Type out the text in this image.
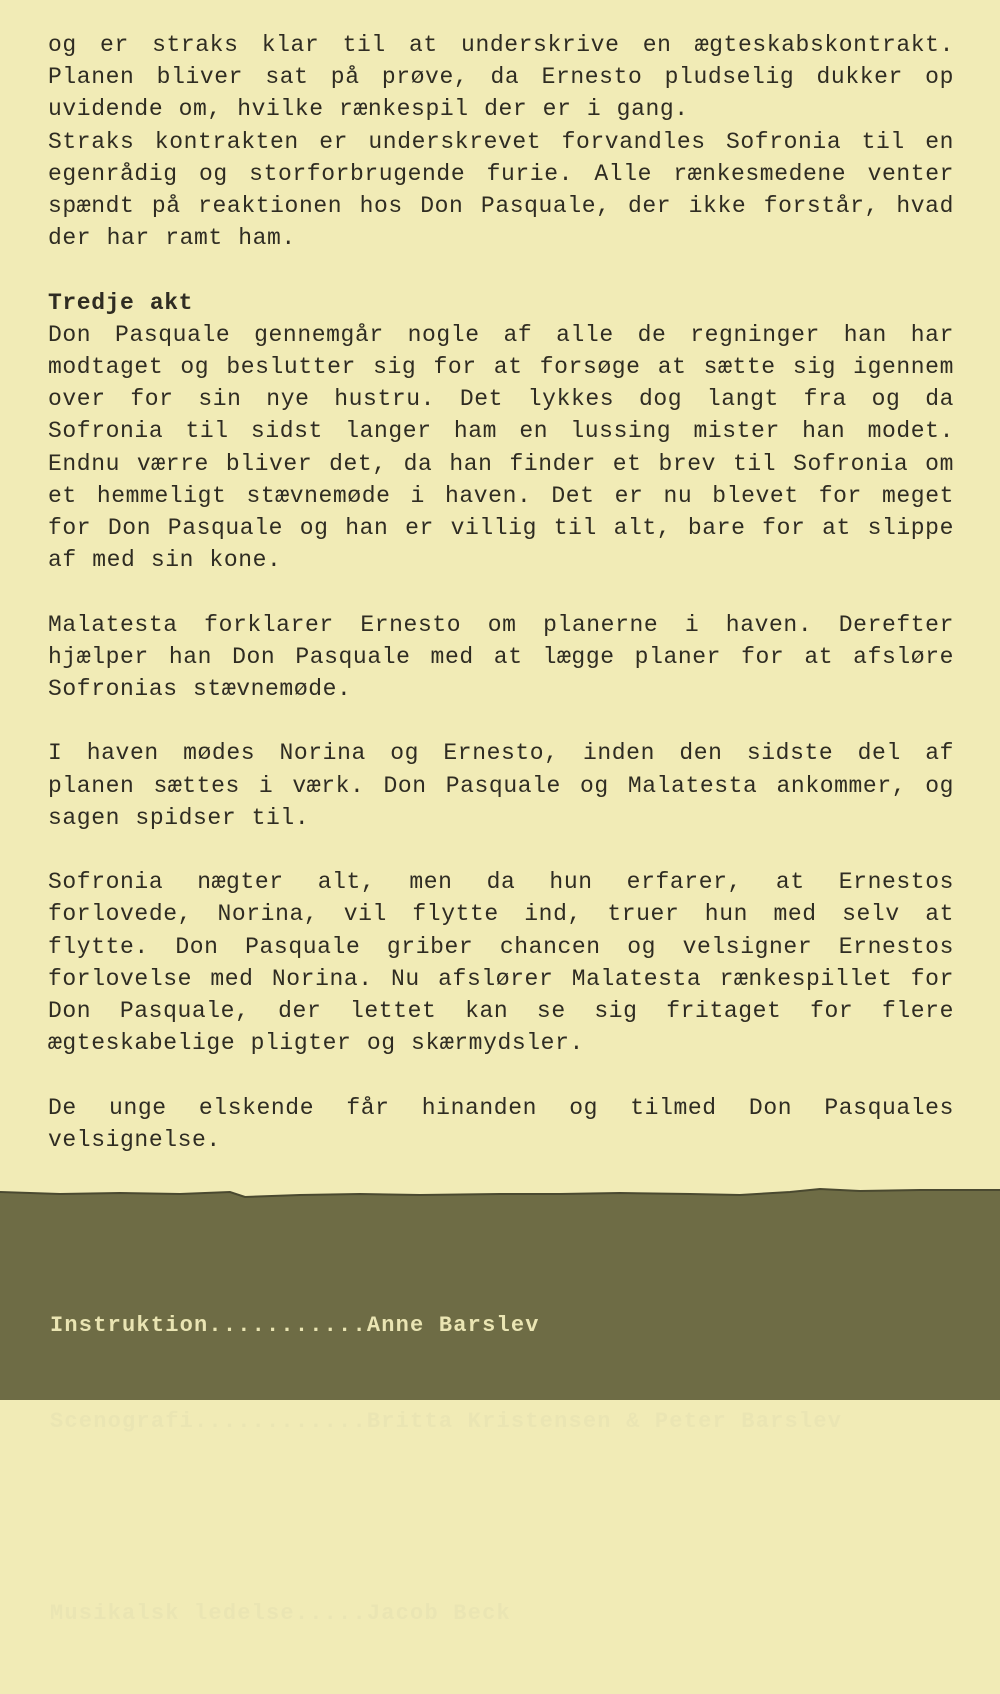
og er straks klar til at underskrive en ægteskabskontrakt. Planen bliver sat på prøve, da Ernesto pludselig dukker op uvidende om, hvilke rænkespil der er i gang.

Straks kontrakten er underskrevet forvandles Sofronia til en egenrådig og storforbrugende furie. Alle rænkesmedene venter spændt på reaktionen hos Don Pasquale, der ikke forstår, hvad der har ramt ham.

Tredje akt

Don Pasquale gennemgår nogle af alle de regninger han har modtaget og beslutter sig for at forsøge at sætte sig igennem over for sin nye hustru. Det lykkes dog langt fra og da Sofronia til sidst langer ham en lussing mister han modet. Endnu værre bliver det, da han finder et brev til Sofronia om et hemmeligt stævnemøde i haven. Det er nu blevet for meget for Don Pasquale og han er villig til alt, bare for at slippe af med sin kone.

Malatesta forklarer Ernesto om planerne i haven. Derefter hjælper han Don Pasquale med at lægge planer for at afsløre Sofronias stævnemøde.

I haven mødes Norina og Ernesto, inden den sidste del af planen sættes i værk. Don Pasquale og Malatesta ankommer, og sagen spidser til.

Sofronia nægter alt, men da hun erfarer, at Ernestos forlovede, Norina, vil flytte ind, truer hun med selv at flytte. Don Pasquale griber chancen og velsigner Ernestos forlovelse med Norina. Nu afslører Malatesta rænkespillet for Don Pasquale, der lettet kan se sig fritaget for flere ægteskabelige pligter og skærmydsler.

De unge elskende får hinanden og tilmed Don Pasquales velsignelse.

Instruktion...........Anne Barslev

Scenografi............Britta Kristensen & Peter Barslev

Musikalsk ledelse.....Jacob Beck
